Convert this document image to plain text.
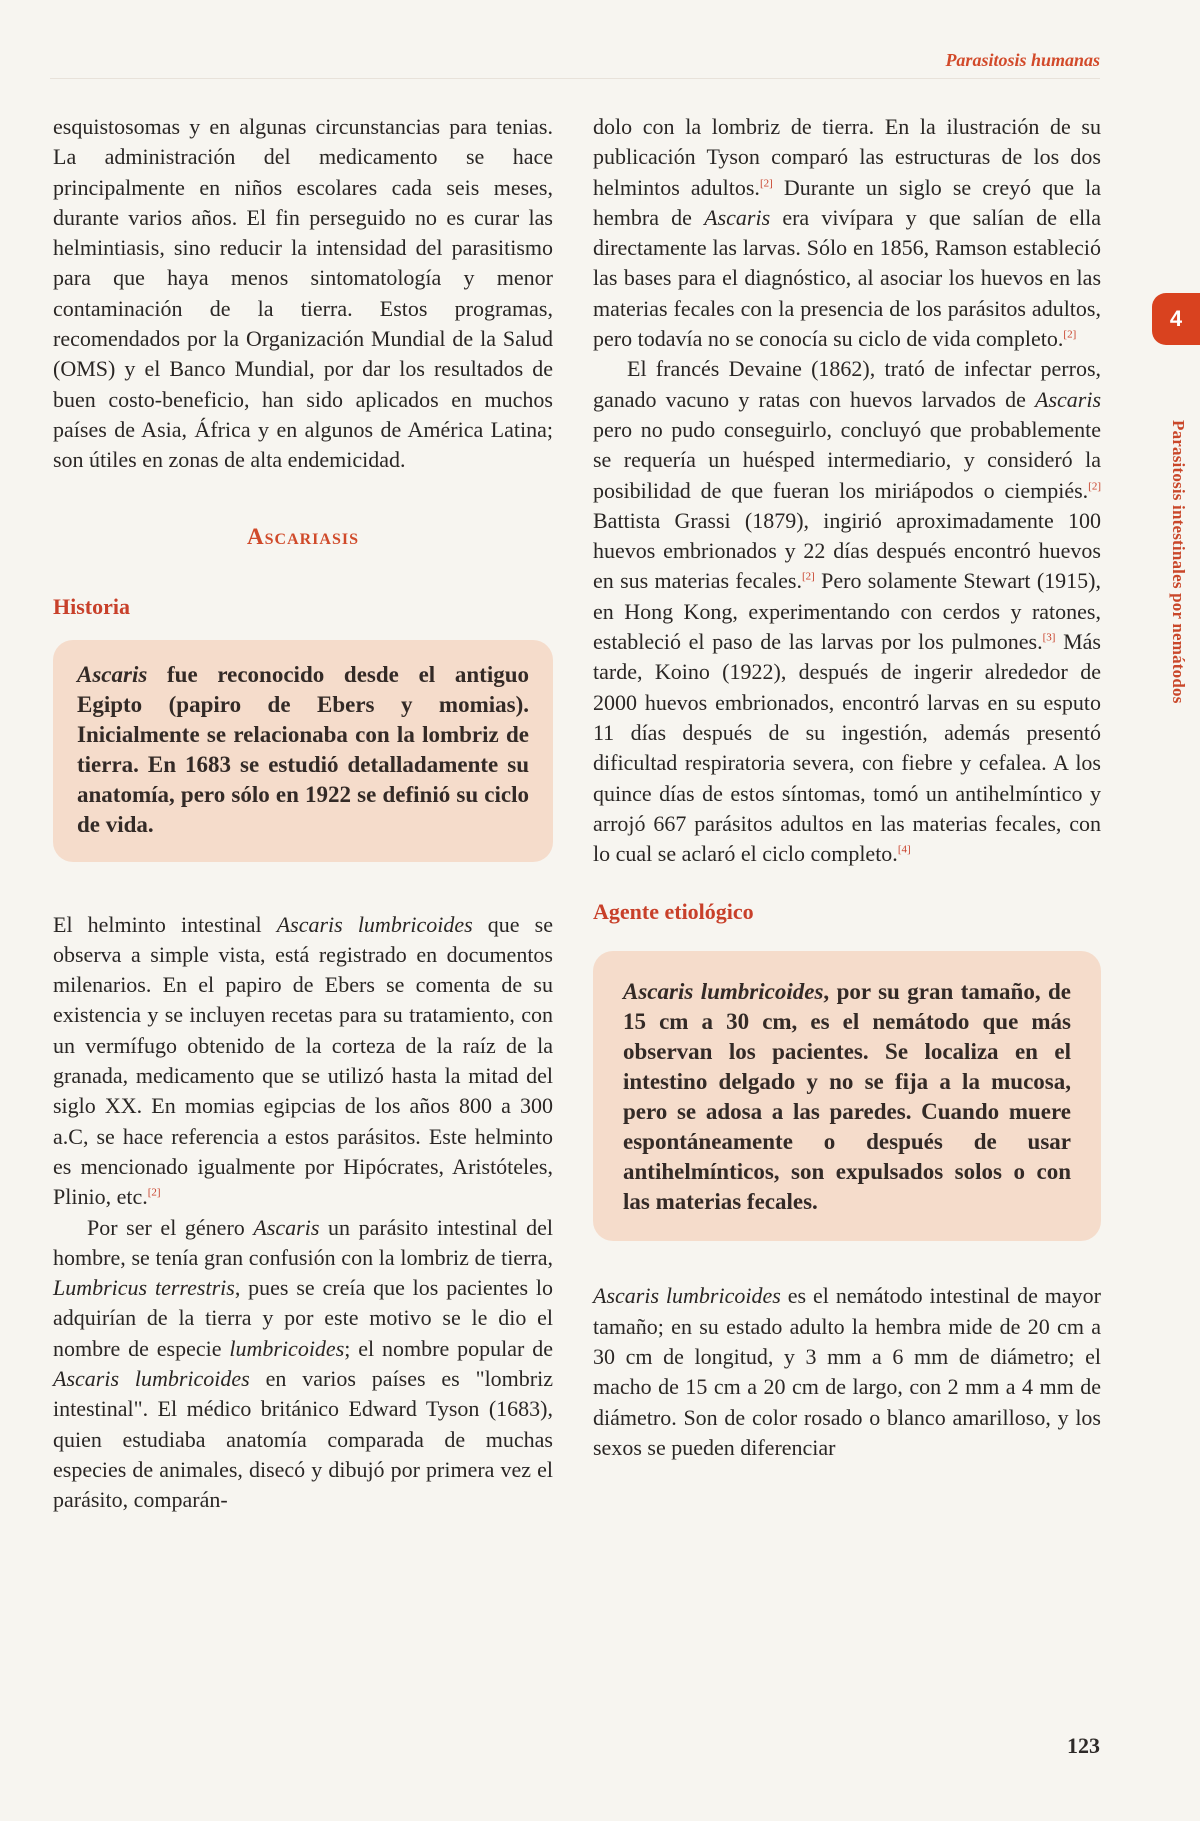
Parasitosis humanas

esquistosomas y en algunas circunstancias para tenias. La administración del medicamento se hace principalmente en niños escolares cada seis meses, durante varios años. El fin perseguido no es curar las helmintiasis, sino reducir la intensidad del parasitismo para que haya menos sintomatología y menor contaminación de la tierra. Estos programas, recomendados por la Organización Mundial de la Salud (OMS) y el Banco Mundial, por dar los resultados de buen costo-beneficio, han sido aplicados en muchos países de Asia, África y en algunos de América Latina; son útiles en zonas de alta endemicidad.

Ascariasis
Historia
Ascaris fue reconocido desde el antiguo Egipto (papiro de Ebers y momias). Inicialmente se relacionaba con la lombriz de tierra. En 1683 se estudió detalladamente su anatomía, pero sólo en 1922 se definió su ciclo de vida.

El helminto intestinal Ascaris lumbricoides que se observa a simple vista, está registrado en documentos milenarios. En el papiro de Ebers se comenta de su existencia y se incluyen recetas para su tratamiento, con un vermífugo obtenido de la corteza de la raíz de la granada, medicamento que se utilizó hasta la mitad del siglo XX. En momias egipcias de los años 800 a 300 a.C, se hace referencia a estos parásitos. Este helminto es mencionado igualmente por Hipócrates, Aristóteles, Plinio, etc.[2]

Por ser el género Ascaris un parásito intestinal del hombre, se tenía gran confusión con la lombriz de tierra, Lumbricus terrestris, pues se creía que los pacientes lo adquirían de la tierra y por este motivo se le dio el nombre de especie lumbricoides; el nombre popular de Ascaris lumbricoides en varios países es "lombriz intestinal". El médico británico Edward Tyson (1683), quien estudiaba anatomía comparada de muchas especies de animales, disecó y dibujó por primera vez el parásito, comparán-

dolo con la lombriz de tierra. En la ilustración de su publicación Tyson comparó las estructuras de los dos helmintos adultos.[2] Durante un siglo se creyó que la hembra de Ascaris era vivípara y que salían de ella directamente las larvas. Sólo en 1856, Ramson estableció las bases para el diagnóstico, al asociar los huevos en las materias fecales con la presencia de los parásitos adultos, pero todavía no se conocía su ciclo de vida completo.[2]

El francés Devaine (1862), trató de infectar perros, ganado vacuno y ratas con huevos larvados de Ascaris pero no pudo conseguirlo, concluyó que probablemente se requería un huésped intermediario, y consideró la posibilidad de que fueran los miriápodos o ciempiés.[2] Battista Grassi (1879), ingirió aproximadamente 100 huevos embrionados y 22 días después encontró huevos en sus materias fecales.[2] Pero solamente Stewart (1915), en Hong Kong, experimentando con cerdos y ratones, estableció el paso de las larvas por los pulmones.[3] Más tarde, Koino (1922), después de ingerir alrededor de 2000 huevos embrionados, encontró larvas en su esputo 11 días después de su ingestión, además presentó dificultad respiratoria severa, con fiebre y cefalea. A los quince días de estos síntomas, tomó un antihelmíntico y arrojó 667 parásitos adultos en las materias fecales, con lo cual se aclaró el ciclo completo.[4]

Agente etiológico
Ascaris lumbricoides, por su gran tamaño, de 15 cm a 30 cm, es el nemátodo que más observan los pacientes. Se localiza en el intestino delgado y no se fija a la mucosa, pero se adosa a las paredes. Cuando muere espontáneamente o después de usar antihelmínticos, son expulsados solos o con las materias fecales.

Ascaris lumbricoides es el nemátodo intestinal de mayor tamaño; en su estado adulto la hembra mide de 20 cm a 30 cm de longitud, y 3 mm a 6 mm de diámetro; el macho de 15 cm a 20 cm de largo, con 2 mm a 4 mm de diámetro. Son de color rosado o blanco amarilloso, y los sexos se pueden diferenciar

4
Parasitosis intestinales por nemátodos
123
